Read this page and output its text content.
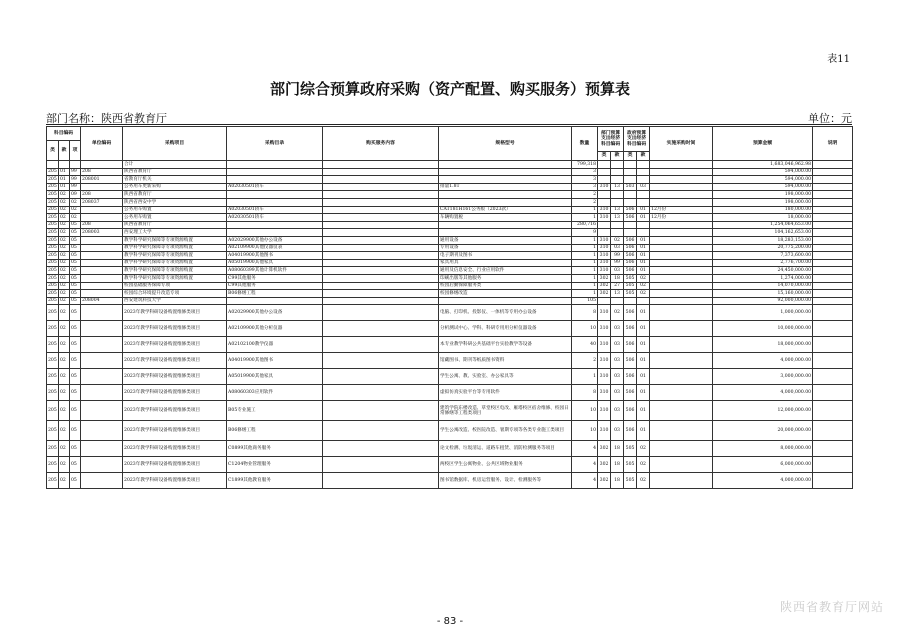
表11
部门综合预算政府采购（资产配置、购买服务）预算表
部门名称：陕西省教育厅	单位：元
科目编码			单位编码	采购项目	采购目录	购买服务内容	规格型号	数量	部门预算支出经济科目编码		政府预算支出经济科目编码		实施采购时间	预算金额	说明
类	款	项													
									类	款	类	款			
				合计				799,318						1,683,046,962.98	
205	01	99	208	陕西省教育厅				3						594,000.00	
205	01	99	208001	省教育厅机关				3						594,000.00	
205	01	99		公务用车更新采购	A02030501轿车		排量1.8T	3	310	13	503	03		594,000.00	
205	02	09	208	陕西省教育厅				2						198,000.00	
205	02	02	208037	陕西省西安中学				2						198,000.00	
205	02	02		公务用车购置	A02030501轿车		CAT181H16T公务版（2023款）	1	310	13	506	01	12月份	180,000.00	
205	02	02		公务用车购置	A02030501轿车		车辆购置税	1	310	13	506	01	12月份	18,000.00	
205	02	05	208	陕西省教育厅				280,716						1,254,064,653.00	
205	02	05	208003	西安理工大学				9						104,162,653.00	
205	02	05		教学科学研究保障等专项资源购置	A02029900其他办公设备		通用设备	1	310	02	506	01		18,283,153.00	
205	02	05		教学科学研究保障等专项资源购置	A02109900其他仪器仪表		专用设备	1	310	03	506	01		20,775,200.00	
205	02	05		教学科学研究保障等专项资源购置	A04019900其他图书		电子期刊及图书	1	310	99	506	01		7,373,600.00	
205	02	05		教学科学研究保障等专项资源购置	A05019900其他家具		家具用具	1	310	99	506	01		2,776,700.00	
205	02	05		教学科学研究保障等专项资源购置	A08060399其他计算机软件		通用及信息安全、行业应用软件	1	310	03	506	01		24,450,000.00	
205	02	05		教学科学研究保障等专项资源购置	C99其他服务		印刷出版等其他服务	1	302	18	505	02		1,274,000.00	
205	02	05		校园基础服务保障专项	C99其他服务		校园后勤保障服务类	1	302	27	505	02		14,070,000.00	
205	02	05		校园综合环境提升改造专项	B06修缮工程		校园修缮改造	1	302	13	505	02		15,160,000.00	
205	02	05	208004	西安建筑科技大学				105						92,000,000.00	
205	02	05		2023年教学科研设备购置维修类项目	A02029900其他办公设备		电脑、打印机、投影仪、一体机等专用办公设备	8	310	02	506	01		1,000,000.00	
205	02	05		2023年教学科研设备购置维修类项目	A02109900其他分析仪器		分析测试中心、学科、科研专用用分析仪器设备	10	310	03	506	01		10,000,000.00	
205	02	05		2023年教学科研设备购置维修类项目	A02102100教学仪器		本专业教学科研公共基础平台实验教学等设备	40	310	03	506	01		18,000,000.00	
205	02	05		2023年教学科研设备购置维修类项目	A04019900其他图书		馆藏图书、期刊等纸质图书资料	2	310	03	506	01		4,000,000.00	
205	02	05		2023年教学科研设备购置维修类项目	A05019900其他家具		学生公寓、教、实验室、办公家具等	1	310	03	506	01		3,000,000.00	
205	02	05		2023年教学科研设备购置维修类项目	A08060303应用软件		虚拟仿真实验平台等专用软件	8	310	03	506	01		4,000,000.00	
205	02	05		2023年教学科研设备购置维修类项目	B05专业施工		建筑学院东楼改造、草堂校区电改、雁塔校区宿舍维修、校园日常修缮等工程类项目	10	310	03	506	01		12,000,000.00	
205	02	05		2023年教学科研设备购置维修类项目	B06修缮工程		学生公寓改造、校医院改造、暑期专项等各类专业施工类项目	10	310	03	506	01		20,000,000.00	
205	02	05		2023年教学科研设备购置维修类项目	C0899其他商务服务		论文检测、垃圾清运、道路车租赁、消防检测服务等项目	4	302	18	505	02		8,000,000.00	
205	02	05		2023年教学科研设备购置维修类项目	C1204物业管理服务		两校区学生公寓物业、公共区域物业服务	4	302	18	505	02		6,000,000.00	
205	02	05		2023年教学科研设备购置维修类项目	C1899其他教育服务		图书馆数据库、机房运营服务、设计、检测服务等	4	302	18	505	02		4,000,000.00	
- 83 -
陕西省教育厅网站
